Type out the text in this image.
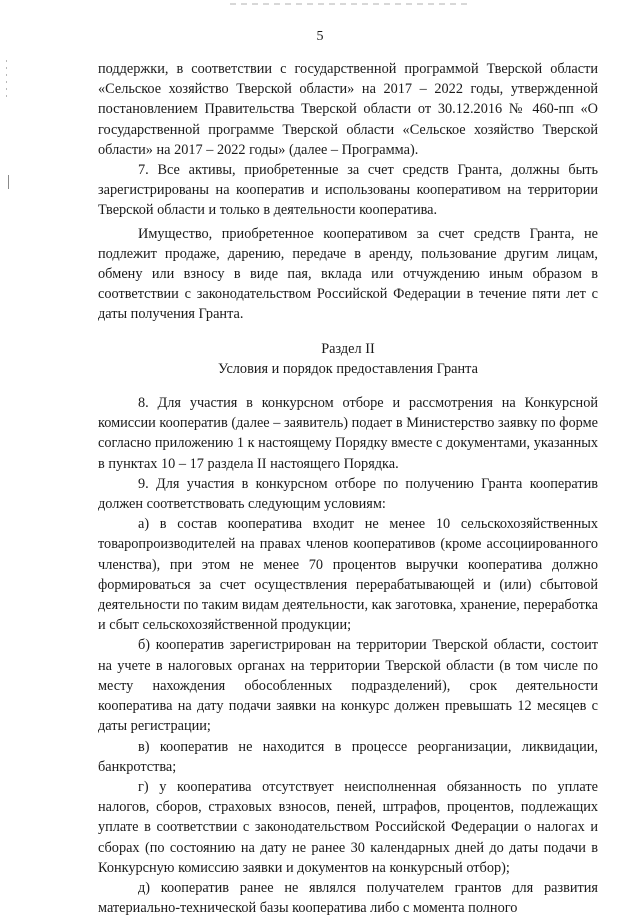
5

поддержки, в соответствии с государственной программой Тверской области «Сельское хозяйство Тверской области» на 2017 – 2022 годы, утвержденной постановлением Правительства Тверской области от 30.12.2016 № 460-пп «О государственной программе Тверской области «Сельское хозяйство Тверской области» на 2017 – 2022 годы» (далее – Программа).

7. Все активы, приобретенные за счет средств Гранта, должны быть зарегистрированы на кооператив и использованы кооперативом на территории Тверской области и только в деятельности кооператива.

Имущество, приобретенное кооперативом за счет средств Гранта, не подлежит продаже, дарению, передаче в аренду, пользование другим лицам, обмену или взносу в виде пая, вклада или отчуждению иным образом в соответствии с законодательством Российской Федерации в течение пяти лет с даты получения Гранта.

Раздел II
Условия и порядок предоставления Гранта

8. Для участия в конкурсном отборе и рассмотрения на Конкурсной комиссии кооператив (далее – заявитель) подает в Министерство заявку по форме согласно приложению 1 к настоящему Порядку вместе с документами, указанных в пунктах 10 – 17 раздела II настоящего Порядка.

9. Для участия в конкурсном отборе по получению Гранта кооператив должен соответствовать следующим условиям:

а) в состав кооператива входит не менее 10 сельскохозяйственных товаропроизводителей на правах членов кооперативов (кроме ассоциированного членства), при этом не менее 70 процентов выручки кооператива должно формироваться за счет осуществления перерабатывающей и (или) сбытовой деятельности по таким видам деятельности, как заготовка, хранение, переработка и сбыт сельскохозяйственной продукции;

б) кооператив зарегистрирован на территории Тверской области, состоит на учете в налоговых органах на территории Тверской области (в том числе по месту нахождения обособленных подразделений), срок деятельности кооператива на дату подачи заявки на конкурс должен превышать 12 месяцев с даты регистрации;

в) кооператив не находится в процессе реорганизации, ликвидации, банкротства;

г) у кооператива отсутствует неисполненная обязанность по уплате налогов, сборов, страховых взносов, пеней, штрафов, процентов, подлежащих уплате в соответствии с законодательством Российской Федерации о налогах и сборах (по состоянию на дату не ранее 30 календарных дней до даты подачи в Конкурсную комиссию заявки и документов на конкурсный отбор);

д) кооператив ранее не являлся получателем грантов для развития материально-технической базы кооператива либо с момента полного
